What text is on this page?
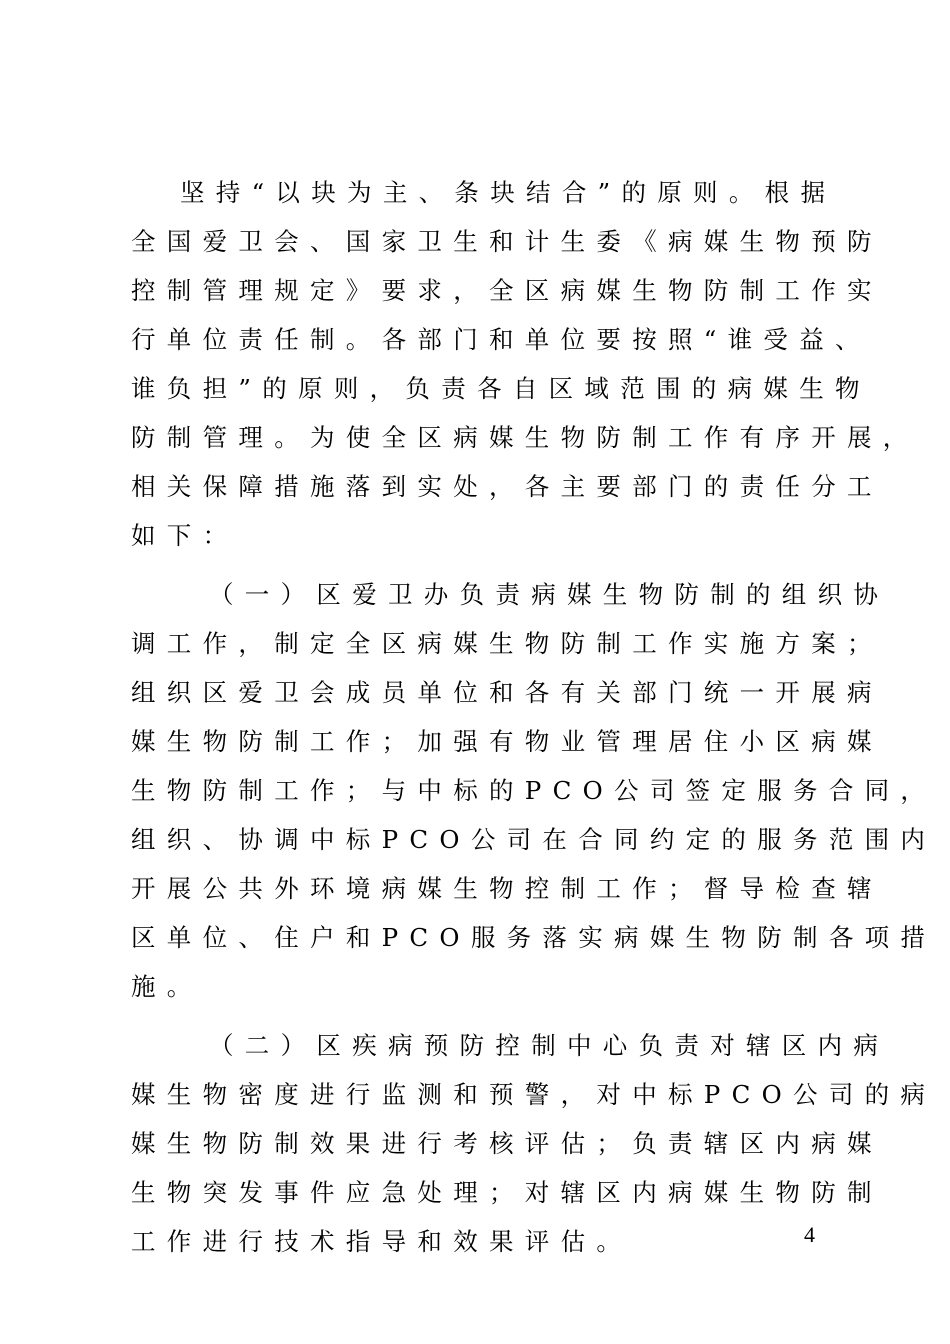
坚持“以块为主、条块结合”的原则。根据
全国爱卫会、国家卫生和计生委《病媒生物预防
控制管理规定》要求，全区病媒生物防制工作实
行单位责任制。各部门和单位要按照“谁受益、
谁负担”的原则，负责各自区域范围的病媒生物
防制管理。为使全区病媒生物防制工作有序开展，
相关保障措施落到实处，各主要部门的责任分工
如下：
（一）区爱卫办负责病媒生物防制的组织协
调工作，制定全区病媒生物防制工作实施方案；
组织区爱卫会成员单位和各有关部门统一开展病
媒生物防制工作；加强有物业管理居住小区病媒
生物防制工作；与中标的PCO公司签定服务合同，
组织、协调中标PCO公司在合同约定的服务范围内
开展公共外环境病媒生物控制工作；督导检查辖
区单位、住户和PCO服务落实病媒生物防制各项措
施。
（二）区疾病预防控制中心负责对辖区内病
媒生物密度进行监测和预警，对中标PCO公司的病
媒生物防制效果进行考核评估；负责辖区内病媒
生物突发事件应急处理；对辖区内病媒生物防制
工作进行技术指导和效果评估。	4
